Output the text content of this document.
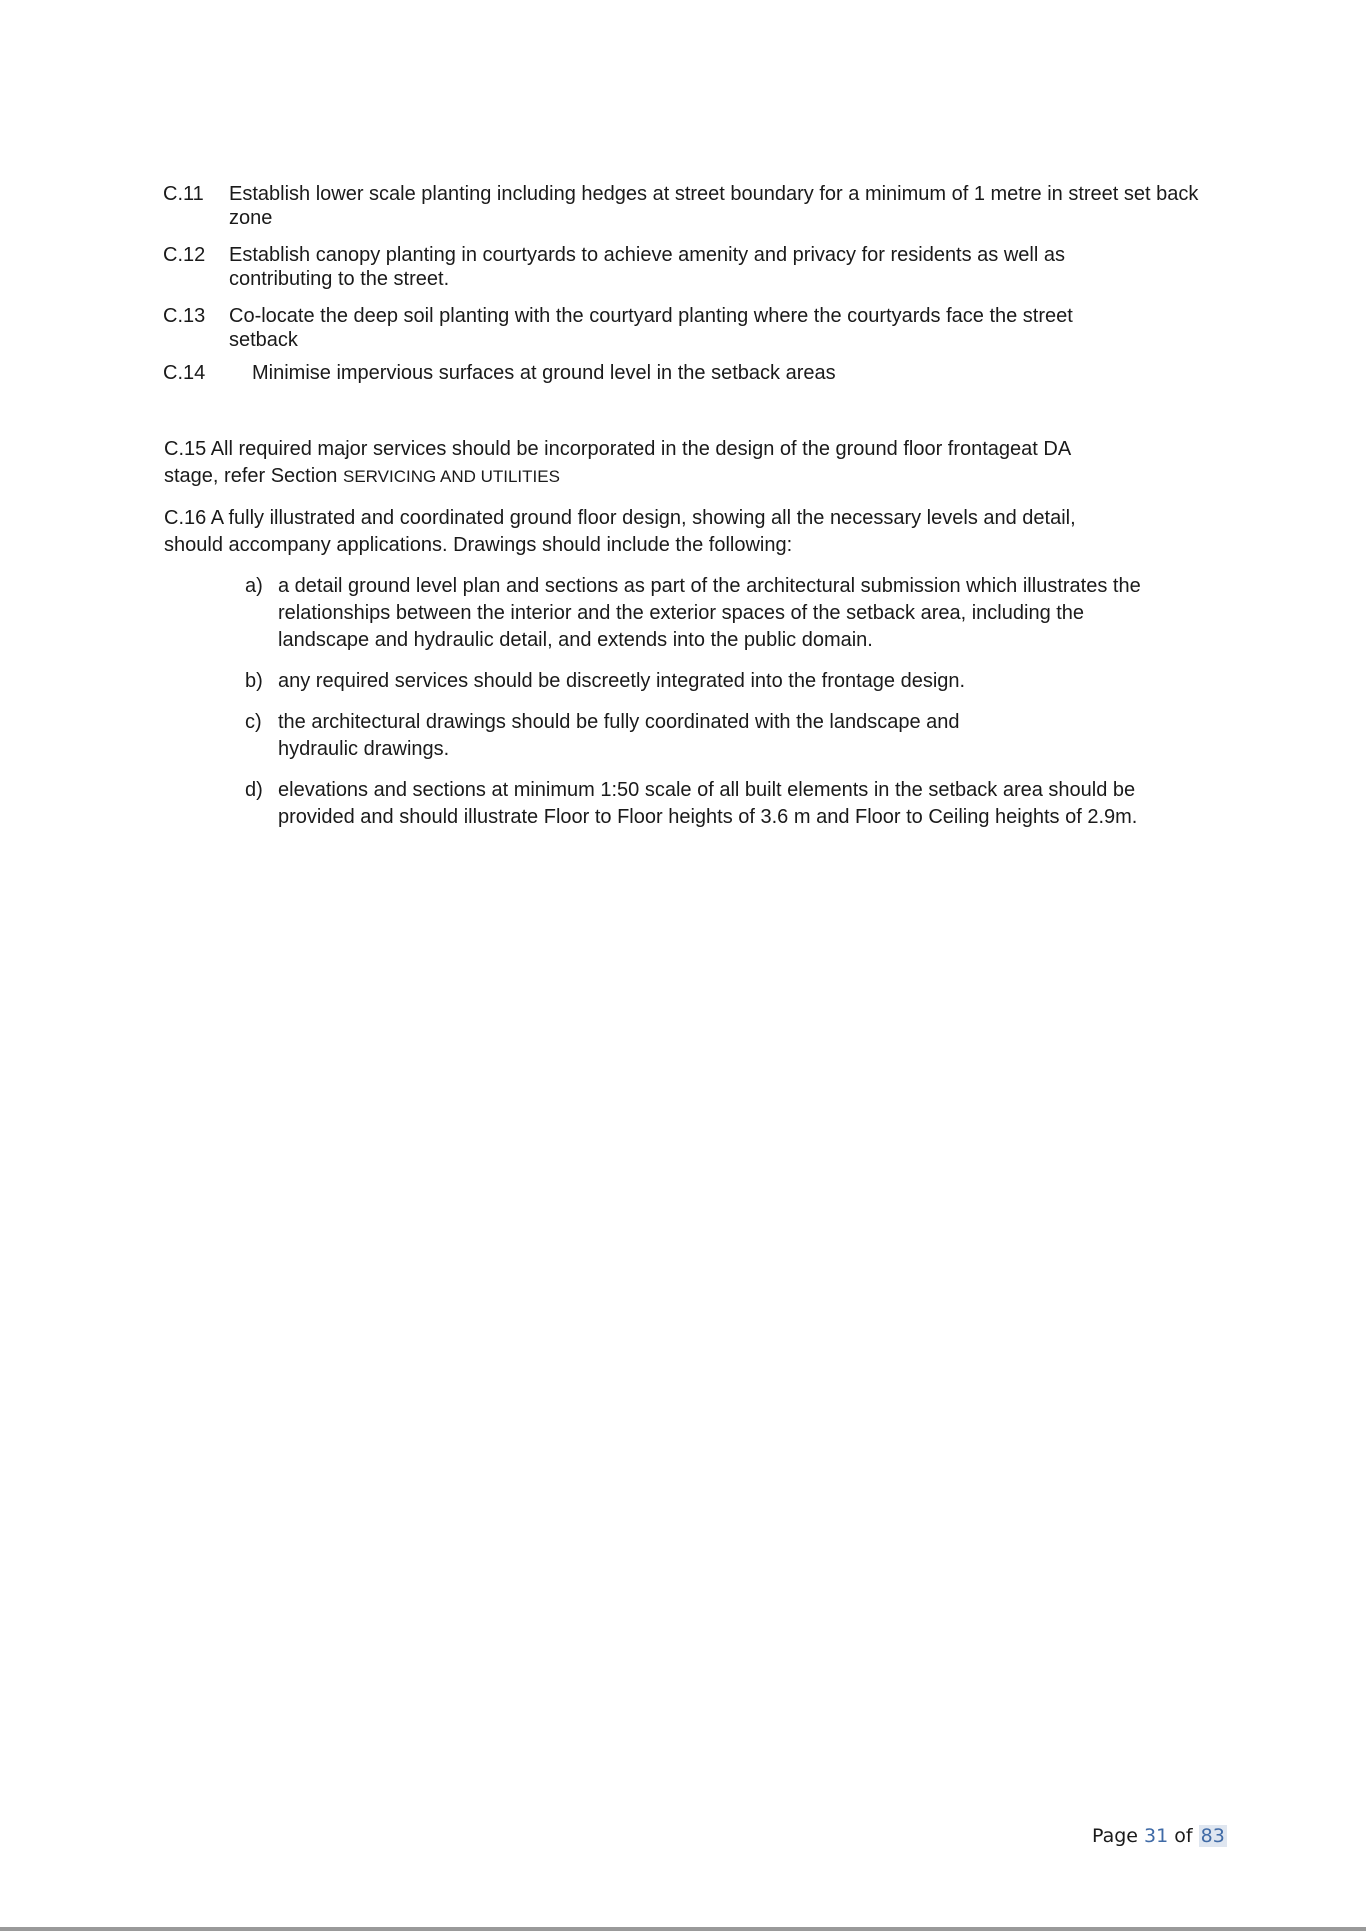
C.11	Establish lower scale planting including hedges at street boundary for a minimum of 1 metre in street set back zone
C.12	Establish canopy planting in courtyards to achieve amenity and privacy for residents as well as contributing to the street.
C.13	Co-locate the deep soil planting with the courtyard planting where the courtyards face the street setback
C.14 Minimise impervious surfaces at ground level in the setback areas
C.15 All required major services should be incorporated in the design of the ground floor frontageat DA stage, refer Section SERVICING AND UTILITIES
C.16 A fully illustrated and coordinated ground floor design, showing all the necessary levels and detail, should accompany applications. Drawings should include the following:
a) a detail ground level plan and sections as part of the architectural submission which illustrates the relationships between the interior and the exterior spaces of the setback area, including the landscape and hydraulic detail, and extends into the public domain.
b) any required services should be discreetly integrated into the frontage design.
c) the architectural drawings should be fully coordinated with the landscape and hydraulic drawings.
d) elevations and sections at minimum 1:50 scale of all built elements in the setback area should be provided and should illustrate Floor to Floor heights of 3.6 m and Floor to Ceiling heights of 2.9m.
Page 31 of 83
